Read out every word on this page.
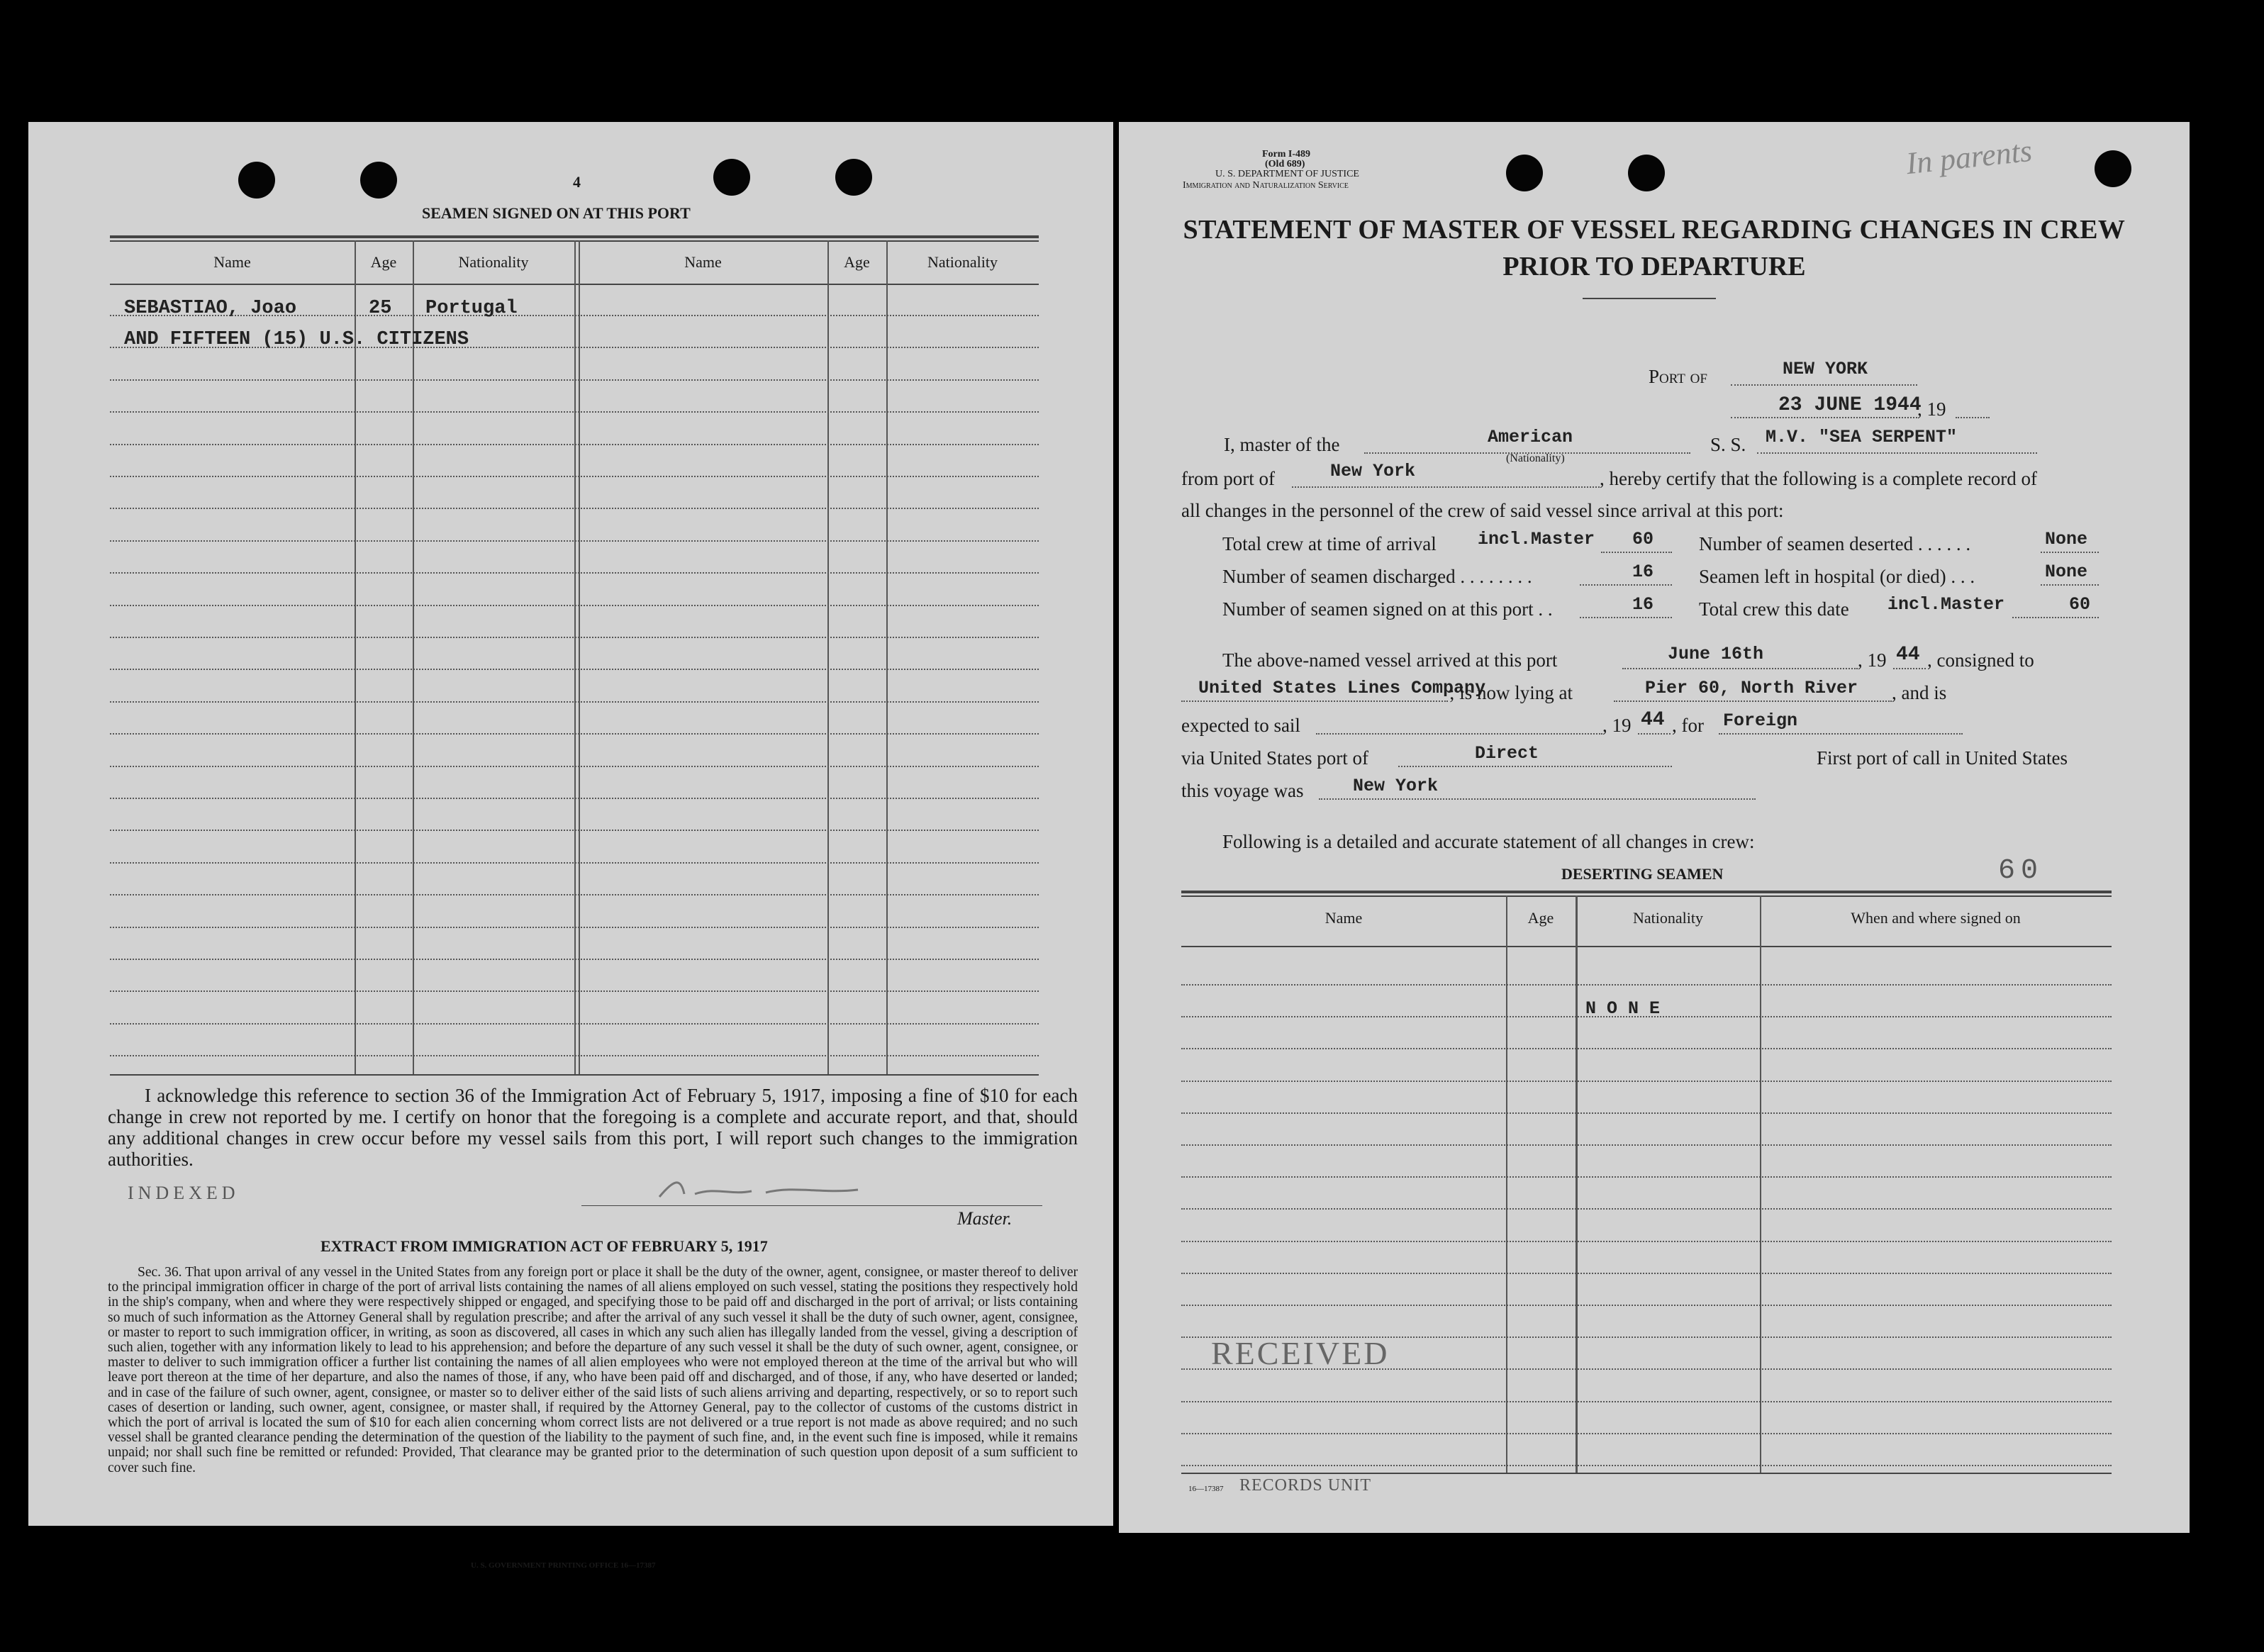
4
SEAMEN SIGNED ON AT THIS PORT
Name	Age	Nationality	Name	Age	Nationality
SEBASTIAO, Joao	25 Portugal
AND FIFTEEN (15) U.S. CITIZENS
I acknowledge this reference to section 36 of the Immigration Act of February 5, 1917, imposing a fine of $10 for each change in crew not reported by me. I certify on honor that the foregoing is a complete and accurate report, and that, should any additional changes in crew occur before my vessel sails from this port, I will report such changes to the immigration authorities.
INDEXED
Master.
EXTRACT FROM IMMIGRATION ACT OF FEBRUARY 5, 1917
Sec. 36. That upon arrival of any vessel in the United States from any foreign port or place it shall be the duty of the owner, agent, consignee, or master thereof to deliver to the principal immigration officer in charge of the port of arrival lists containing the names of all aliens employed on such vessel, stating the positions they respectively hold in the ship's company, when and where they were respectively shipped or engaged, and specifying those to be paid off and discharged in the port of arrival; or lists containing so much of such information as the Attorney General shall by regulation prescribe; and after the arrival of any such vessel it shall be the duty of such owner, agent, consignee, or master to report to such immigration officer, in writing, as soon as discovered, all cases in which any such alien has illegally landed from the vessel, giving a description of such alien, together with any information likely to lead to his apprehension; and before the departure of any such vessel it shall be the duty of such owner, agent, consignee, or master to deliver to such immigration officer a further list containing the names of all alien employees who were not employed thereon at the time of the arrival but who will leave port thereon at the time of her departure, and also the names of those, if any, who have been paid off and discharged, and of those, if any, who have deserted or landed; and in case of the failure of such owner, agent, consignee, or master so to deliver either of the said lists of such aliens arriving and departing, respectively, or so to report such cases of desertion or landing, such owner, agent, consignee, or master shall, if required by the Attorney General, pay to the collector of customs of the customs district in which the port of arrival is located the sum of $10 for each alien concerning whom correct lists are not delivered or a true report is not made as above required; and no such vessel shall be granted clearance pending the determination of the question of the liability to the payment of such fine, and, in the event such fine is imposed, while it remains unpaid; nor shall such fine be remitted or refunded: Provided, That clearance may be granted prior to the determination of such question upon deposit of a sum sufficient to cover such fine.
U. S. GOVERNMENT PRINTING OFFICE 16—17387
Form I-489
(Old 689)
U. S. DEPARTMENT OF JUSTICE
Immigration and Naturalization Service
In parents
STATEMENT OF MASTER OF VESSEL REGARDING CHANGES IN CREW
PRIOR TO DEPARTURE
Port of	NEW YORK
23 JUNE 1944
, 19
I, master of the	American
(Nationality)
S. S. M.V. "SEA SERPENT"
from port of	New York	, hereby certify that the following is a complete record of
all changes in the personnel of the crew of said vessel since arrival at this port:
Total crew at time of arrival incl.Master 60 Number of seamen deserted . . . . . .	None
Number of seamen discharged . . . . . . . .	16 Seamen left in hospital (or died) . . .	None
Number of seamen signed on at this port . .	16 Total crew this date incl.Master	60
The above-named vessel arrived at this port	June 16th	, 19 44 , consigned to
United States Lines Company
; is now lying at	Pier 60, North River , and is
expected to sail	, 19 44 , for Foreign
via United States port of	Direct	First port of call in United States
this voyage was	New York
Following is a detailed and accurate statement of all changes in crew:
DESERTING SEAMEN	60
Name	Age	Nationality	When and where signed on
N O N E
RECEIVED
16—17387 RECORDS UNIT
